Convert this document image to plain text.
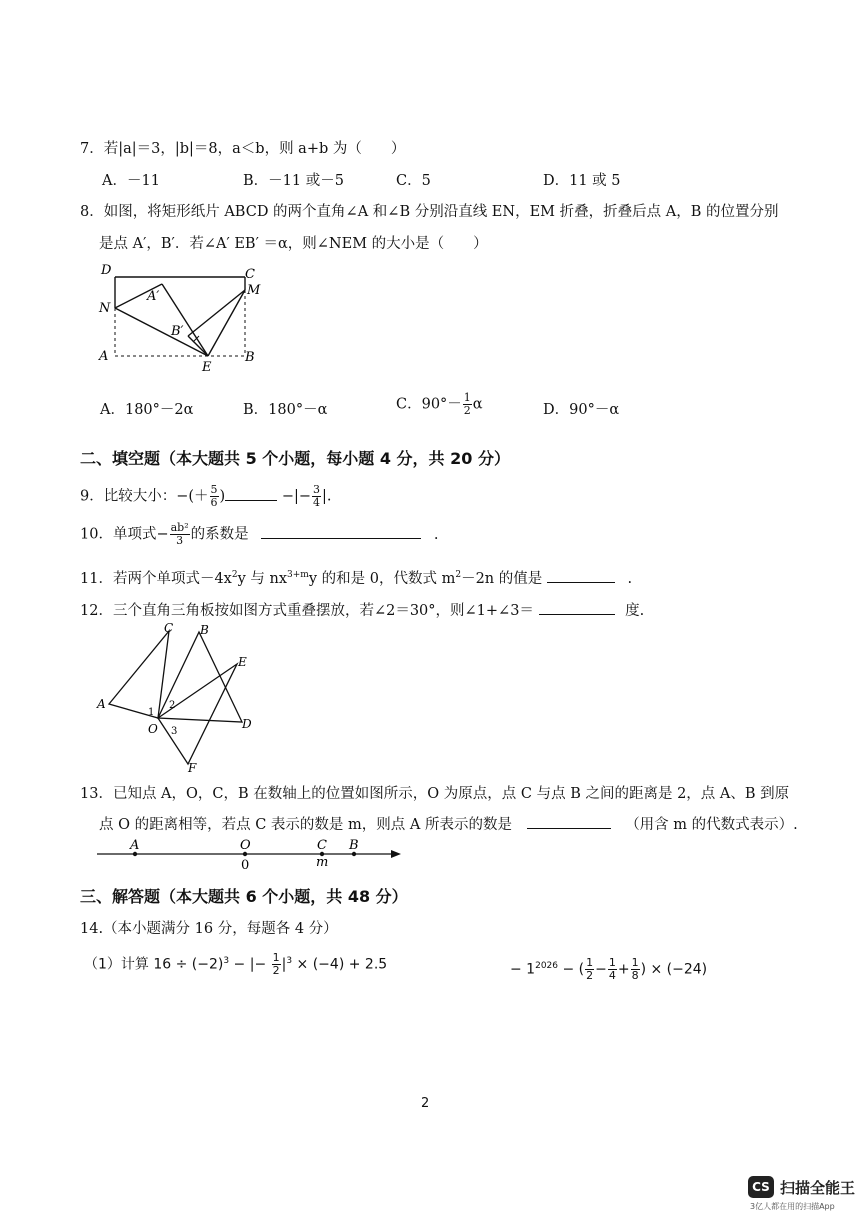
7．若|a|＝3，|b|＝8，a＜b，则 a+b 为（　　）
A．－11	B．－11 或－5	C．5	D．11 或 5
8．如图，将矩形纸片 ABCD 的两个直角∠A 和∠B 分别沿直线 EN，EM 折叠，折叠后点 A，B 的位置分别
是点 A′，B′．若∠A′ EB′ ＝α，则∠NEM 的大小是（　　）
D	C
M
N
A′
B′
A	B
E
A．180°－2α	B．180°－α	C．$90^\circ- \frac{1}{2}$ α	D．90°－α
二、填空题（本大题共 5 个小题，每小题 4 分，共 20 分）
9．比较大小：−(＋ $\frac{5}{6}$ )	−|− $\frac{3}{4}$ |.
10．单项式− $\frac{\text{ab²}}{3}$ 的系数是	.
11．若两个单项式$-4x^2y$ 与 $nx^{3+m}y$ 的和是 0，代数式 $m^2-2n$ 的值是	.
12．三个直角三角板按如图方式重叠摆放，若∠2＝30°，则∠1+∠3＝	度.
C B
E
A
D
O
F
1
2
3
13．已知点 A，O，C，B 在数轴上的位置如图所示，O 为原点，点 C 与点 B 之间的距离是 2，点 A、B 到原
点 O 的距离相等，若点 C 表示的数是 m，则点 A 所表示的数是	（用含 m 的代数式表示）.
A	O	C B
0	m
三、解答题（本大题共 6 个小题，共 48 分）
14.（本小题满分 16 分，每题各 4 分）
（1）计算 $16 \div (-2)^3$ − |− $\frac{1}{2} |^3 \times (-4) + 2.5$	− $1^{2026}$ − ( $\frac{1}{2} - \frac{1}{4} + \frac{1}{8}$ ) × (−24)
2
CS 扫描全能王
3亿人都在用的扫描App
